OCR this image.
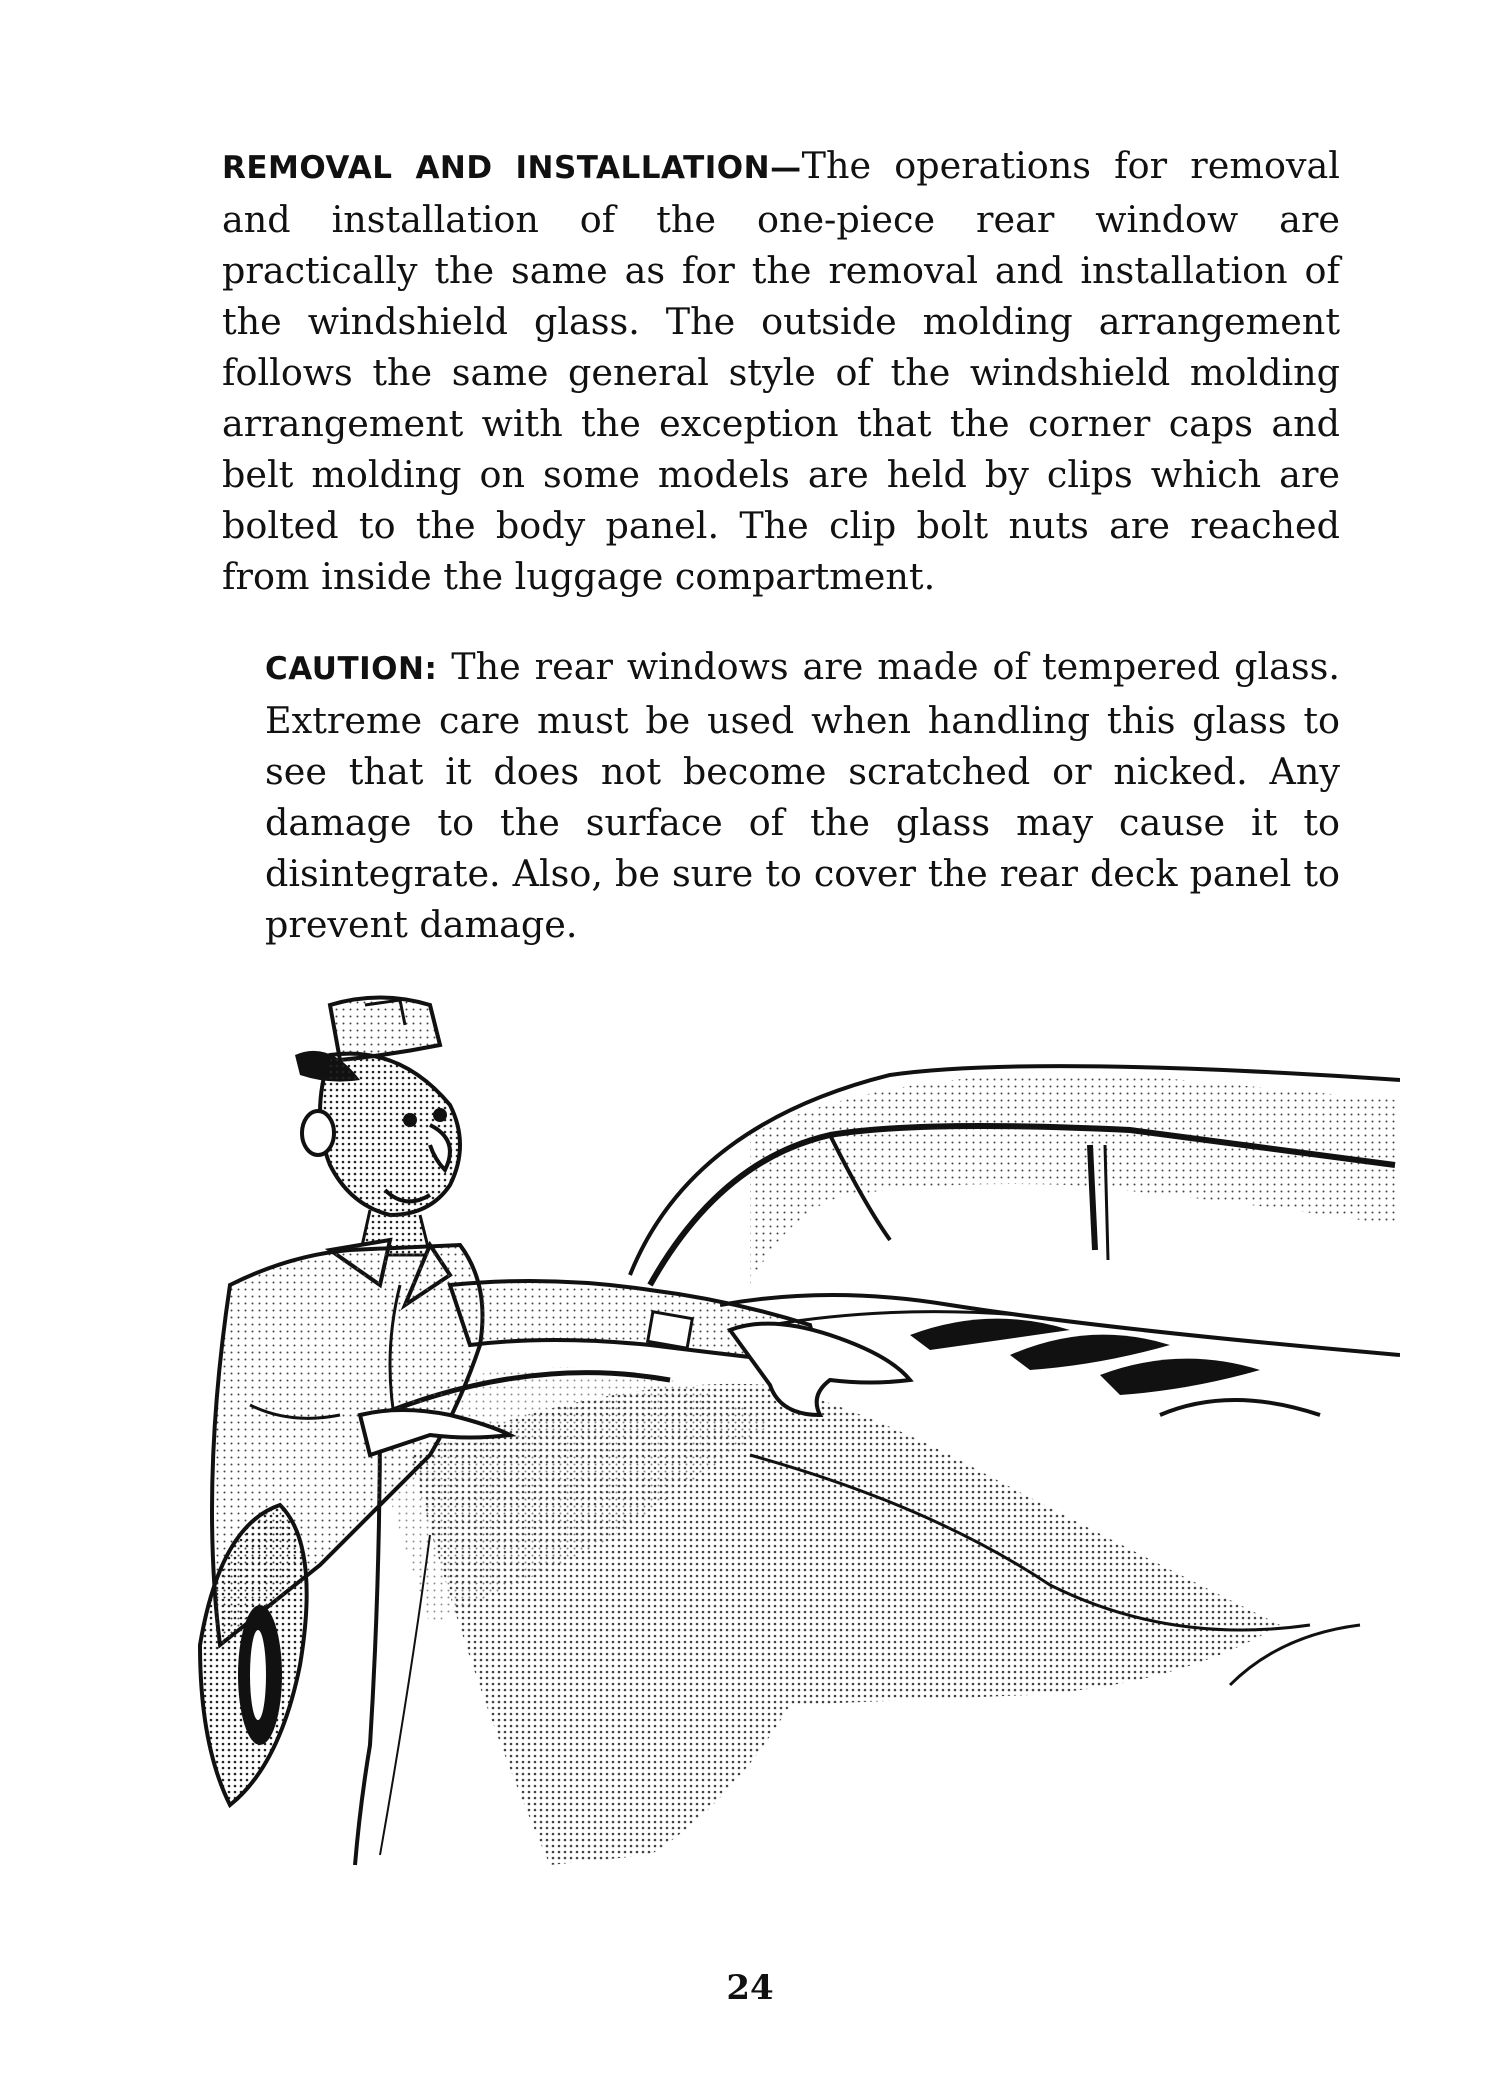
REMOVAL AND INSTALLATION—The operations for removal and installation of the one-piece rear window are practically the same as for the removal and installation of the windshield glass. The outside molding arrangement follows the same general style of the windshield molding arrangement with the exception that the corner caps and belt molding on some models are held by clips which are bolted to the body panel. The clip bolt nuts are reached from inside the luggage compartment.

CAUTION: The rear windows are made of tempered glass. Extreme care must be used when handling this glass to see that it does not become scratched or nicked. Any damage to the surface of the glass may cause it to disintegrate. Also, be sure to cover the rear deck panel to prevent damage.

24
